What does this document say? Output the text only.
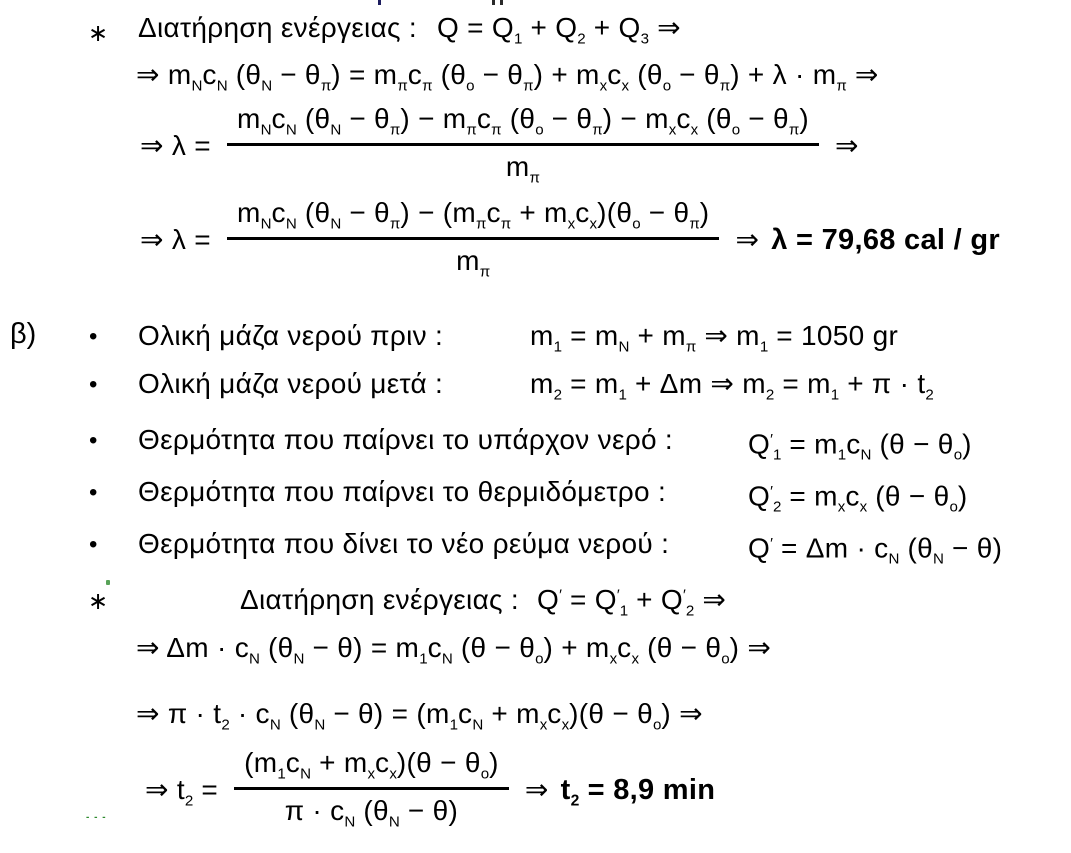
∗ Διατήρηση ενέργειας : $Q = Q_1 + Q_2 + Q_3$ ⇒
⇒ $m_Nc_N$ $(\theta_N - \theta_\pi) = m_\pi c_\pi$ $(\theta_o - \theta_\pi) + m_xc_x$ $(\theta_o - \theta_\pi) + \lambda \cdot m_\pi$ ⇒
⇒ $\lambda = \frac{m_Nc_N (\theta_N - \theta_\pi) - m_\pi c_\pi (\theta_o - \theta_\pi) - m_xc_x (\theta_o - \theta_\pi)}{m_\pi}$ ⇒
⇒ $\lambda = \frac{m_Nc_N (\theta_N - \theta_\pi) - (m_\pi c_\pi + m_xc_x)(\theta_o - \theta_\pi)}{m_\pi}$ ⇒ λ = 79,68 cal / gr
β) • Ολική μάζα νερού πριν :	$m_1 = m_N + m_\pi$ ⇒ $m_1 = 1050$ gr
• Ολική μάζα νερού μετά :	$m_2 = m_1 + \Delta m$ ⇒ $m_2 = m_1 + \pi \cdot t_2$
• Θερμότητα που παίρνει το υπάρχον νερό :	$Q'_1 = m_1c_N$ $(\theta - \theta_o)$
• Θερμότητα που παίρνει το θερμιδόμετρο :	$Q'_2 = m_xc_x$ $(\theta - \theta_o)$
• Θερμότητα που δίνει το νέο ρεύμα νερού :	$Q' = \Delta m \cdot c_N$ $(\theta_N - \theta)$
∗	Διατήρηση ενέργειας : $Q' = Q'_1 + Q'_2$ ⇒
⇒ $\Delta m \cdot c_N$ $(\theta_N - \theta) = m_1c_N$ $(\theta - \theta_o) + m_xc_x$ $(\theta - \theta_o)$ ⇒
⇒ $\pi \cdot t_2 \cdot c_N$ $(\theta_N - \theta) = (m_1c_N + m_xc_x)(\theta - \theta_o)$ ⇒
⇒ $t_2 = \frac{(m_1c_N + m_xc_x)(\theta - \theta_o)}{\pi \cdot c_N (\theta_N - \theta)}$ ⇒ $t_2 = 8,9$ min
- - -
